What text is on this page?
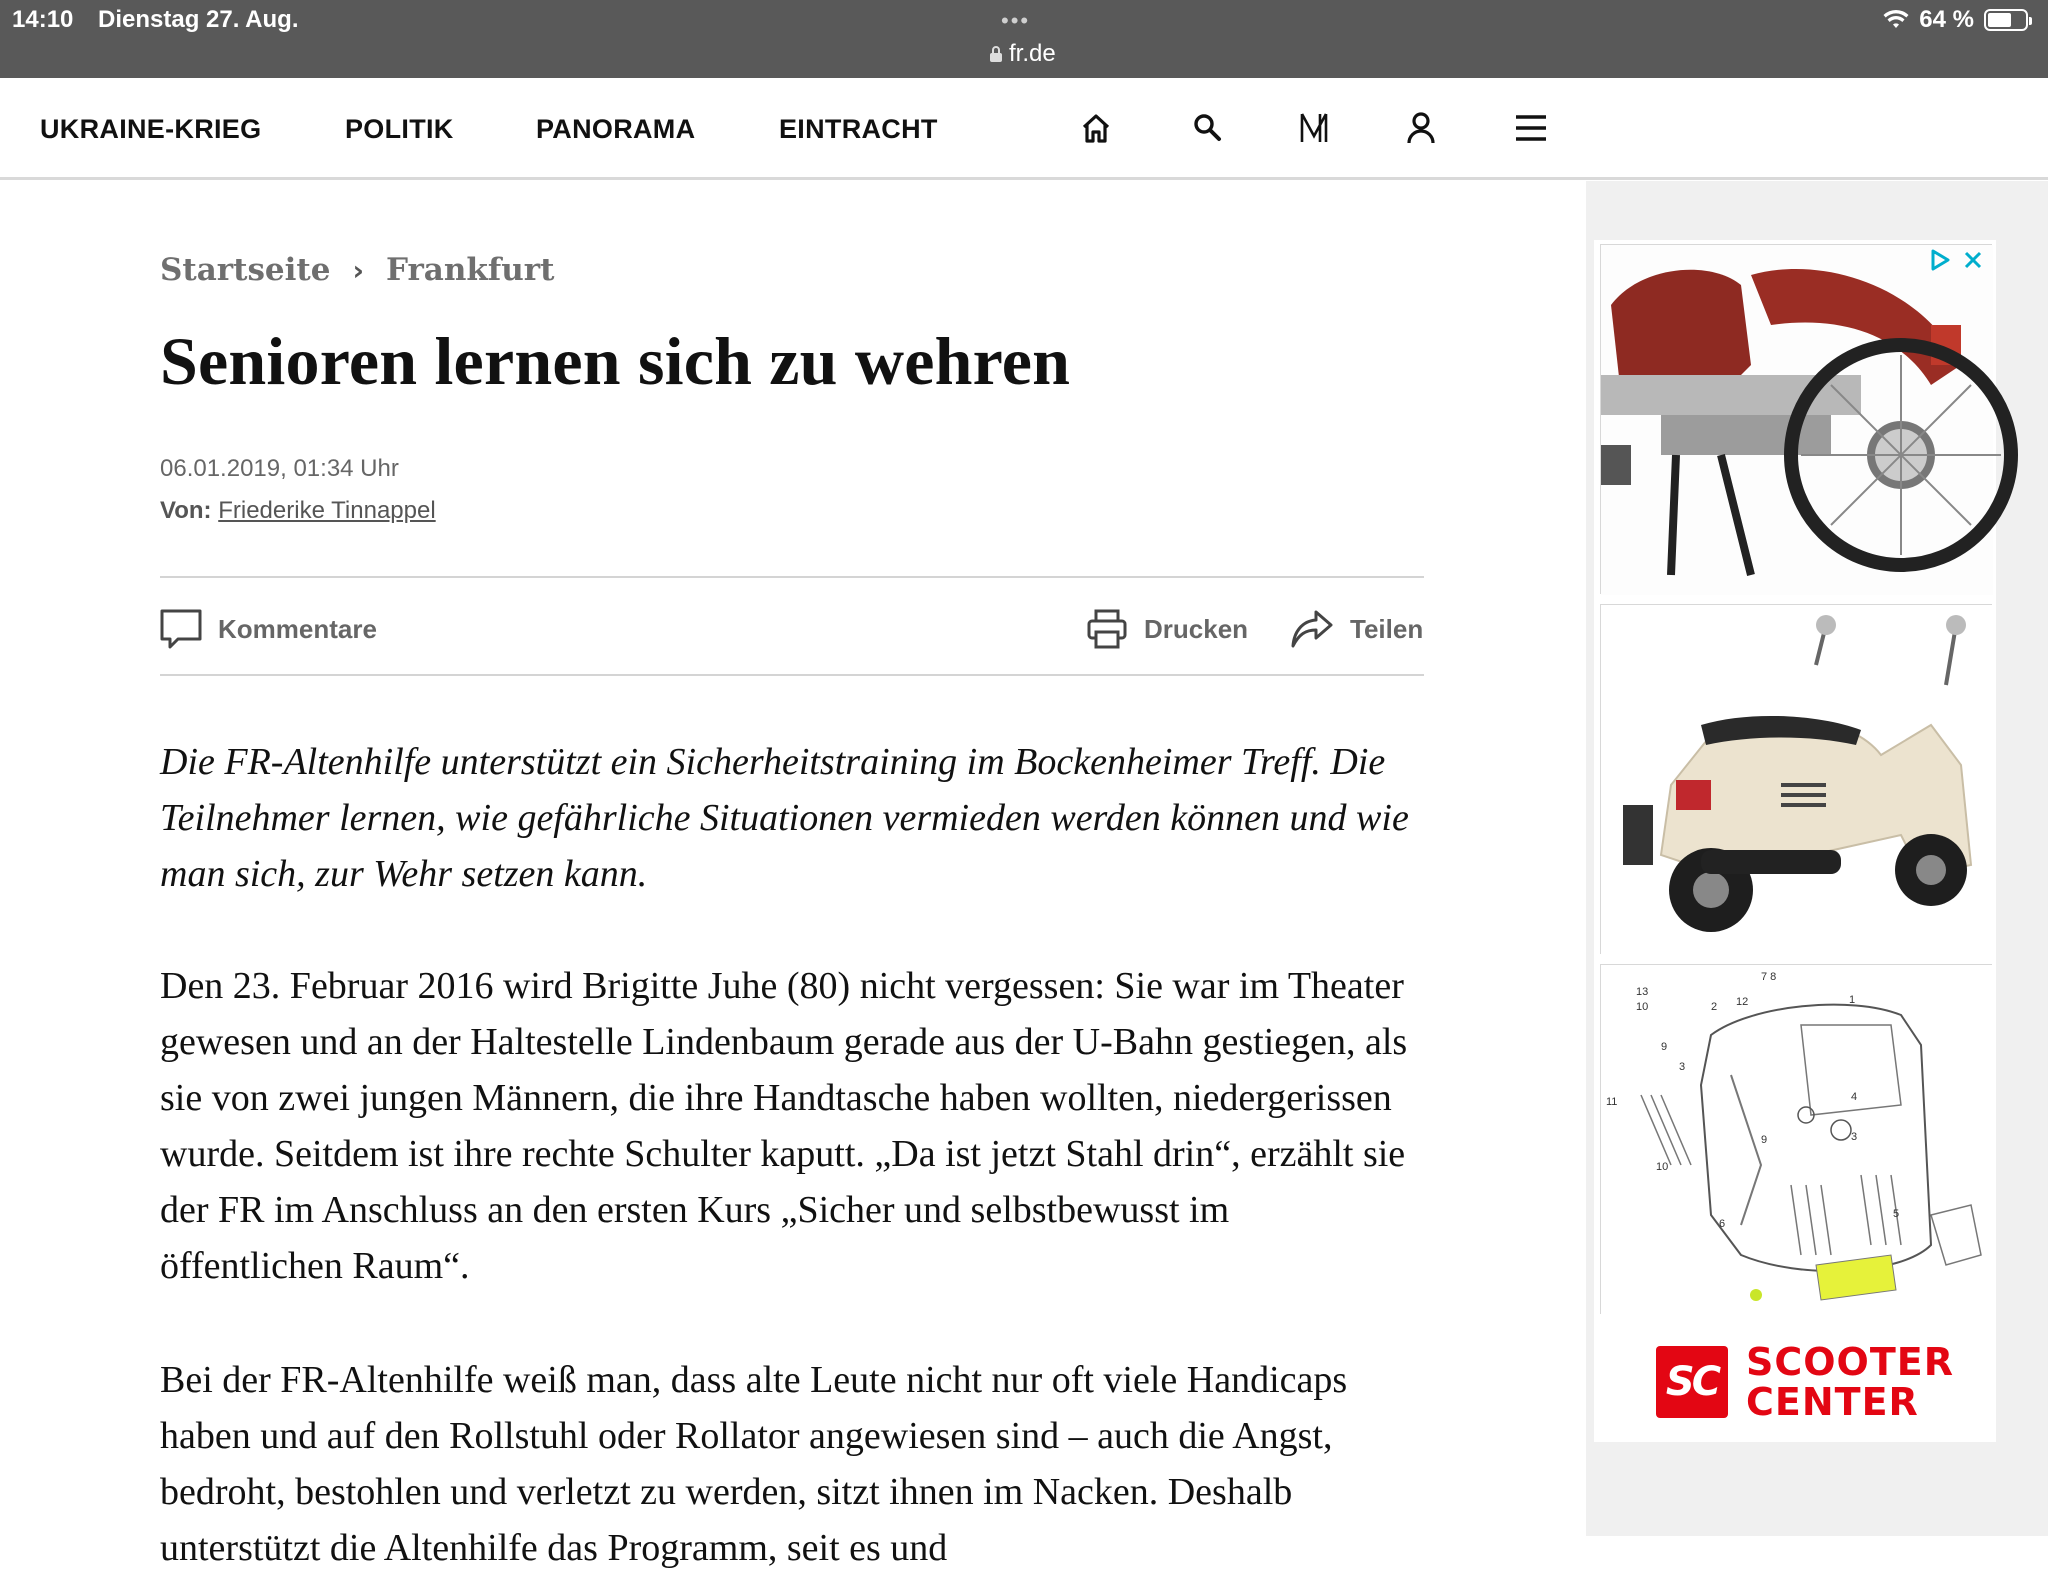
14:10 Dienstag 27. Aug.	•••
fr.de
64 %
UKRAINE-KRIEG	POLITIK	PANORAMA	EINTRACHT
Startseite › Frankfurt
Senioren lernen sich zu wehren
06.01.2019, 01:34 Uhr
Von: Friederike Tinnappel
Kommentare	Drucken	Teilen

Die FR-Altenhilfe unterstützt ein Sicherheitstraining im Bockenheimer Treff. Die Teilnehmer lernen, wie gefährliche Situationen vermieden werden können und wie man sich, zur Wehr setzen kann.

Den 23. Februar 2016 wird Brigitte Juhe (80) nicht vergessen: Sie war im Theater gewesen und an der Haltestelle Lindenbaum gerade aus der U-Bahn gestiegen, als sie von zwei jungen Männern, die ihre Handtasche haben wollten, niedergerissen wurde. Seitdem ist ihre rechte Schulter kaputt. „Da ist jetzt Stahl drin“, erzählt sie der FR im Anschluss an den ersten Kurs „Sicher und selbstbewusst im öffentlichen Raum“.

Bei der FR-Altenhilfe weiß man, dass alte Leute nicht nur oft viele Handicaps haben und auf den Rollstuhl oder Rollator angewiesen sind – auch die Angst, bedroht, bestohlen und verletzt zu werden, sitzt ihnen im Nacken. Deshalb unterstützt die Altenhilfe das Programm, seit es und

13
10	2 12
7 8
1
9
3
11	4
9	3
10
6
5
SC SCOOTER
CENTER
